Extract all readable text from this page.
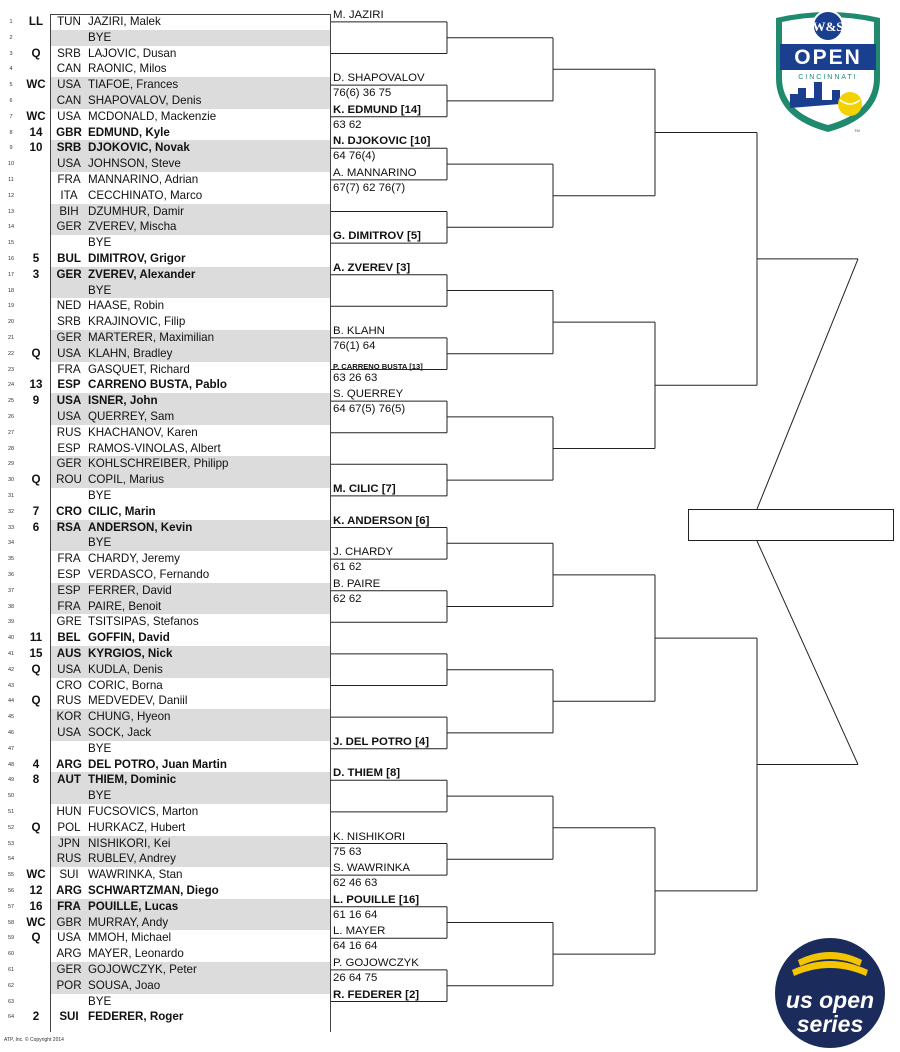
1	LL	TUN JAZIRI, Malek
2	BYE
3	Q	SRB LAJOVIC, Dusan
4	CAN RAONIC, Milos
5	WC USA TIAFOE, Frances
6	CAN SHAPOVALOV, Denis
7	WC USA MCDONALD, Mackenzie
8	14	GBR EDMUND, Kyle
9	10	SRB DJOKOVIC, Novak
10	USA JOHNSON, Steve
11	FRA MANNARINO, Adrian
12	ITA CECCHINATO, Marco
13	BIH DZUMHUR, Damir
14	GER ZVEREV, Mischa
15	BYE
16	5	BUL DIMITROV, Grigor
17	3	GER ZVEREV, Alexander
18	BYE
19	NED HAASE, Robin
20	SRB KRAJINOVIC, Filip
21	GER MARTERER, Maximilian
22	Q	USA KLAHN, Bradley
23	FRA GASQUET, Richard
24	13	ESP CARRENO BUSTA, Pablo
25	9	USA ISNER, John
26	USA QUERREY, Sam
27	RUS KHACHANOV, Karen
28	ESP RAMOS-VINOLAS, Albert
29	GER KOHLSCHREIBER, Philipp
30	Q	ROU COPIL, Marius
31	BYE
32	7	CRO CILIC, Marin
33	6	RSA ANDERSON, Kevin
34	BYE
35	FRA CHARDY, Jeremy
36	ESP VERDASCO, Fernando
37	ESP FERRER, David
38	FRA PAIRE, Benoit
39	GRE TSITSIPAS, Stefanos
40	11	BEL GOFFIN, David
41	15	AUS KYRGIOS, Nick
42	Q	USA KUDLA, Denis
43	CRO CORIC, Borna
44	Q	RUS MEDVEDEV, Daniil
45	KOR CHUNG, Hyeon
46	USA SOCK, Jack
47	BYE
48	4	ARG DEL POTRO, Juan Martin
49	8	AUT THIEM, Dominic
50	BYE
51	HUN FUCSOVICS, Marton
52	Q	POL HURKACZ, Hubert
53	JPN NISHIKORI, Kei
54	RUS RUBLEV, Andrey
55	WC	SUI WAWRINKA, Stan
56	12	ARG SCHWARTZMAN, Diego
57	16	FRA POUILLE, Lucas
58	WC GBR MURRAY, Andy
59	Q	USA MMOH, Michael
60	ARG MAYER, Leonardo
61	GER GOJOWCZYK, Peter
62	POR SOUSA, Joao
63	BYE
64	2	SUI FEDERER, Roger
M. JAZIRI
D. SHAPOVALOV
76(6) 36 75
K. EDMUND [14]
63 62
N. DJOKOVIC [10]
64 76(4)
A. MANNARINO
67(7) 62 76(7)
G. DIMITROV [5]
A. ZVEREV [3]
B. KLAHN
76(1) 64
P. CARRENO BUSTA [13]
63 26 63
S. QUERREY
64 67(5) 76(5)
M. CILIC [7]
K. ANDERSON [6]
J. CHARDY
61 62
B. PAIRE
62 62
J. DEL POTRO [4]
D. THIEM [8]
K. NISHIKORI
75 63
S. WAWRINKA
62 46 63
L. POUILLE [16]
61 16 64
L. MAYER
64 16 64
P. GOJOWCZYK
26 64 75
R. FEDERER [2]
W&S
OPEN
CINCINNATI
TM
us open
series
ATP, Inc. © Copyright 2014
